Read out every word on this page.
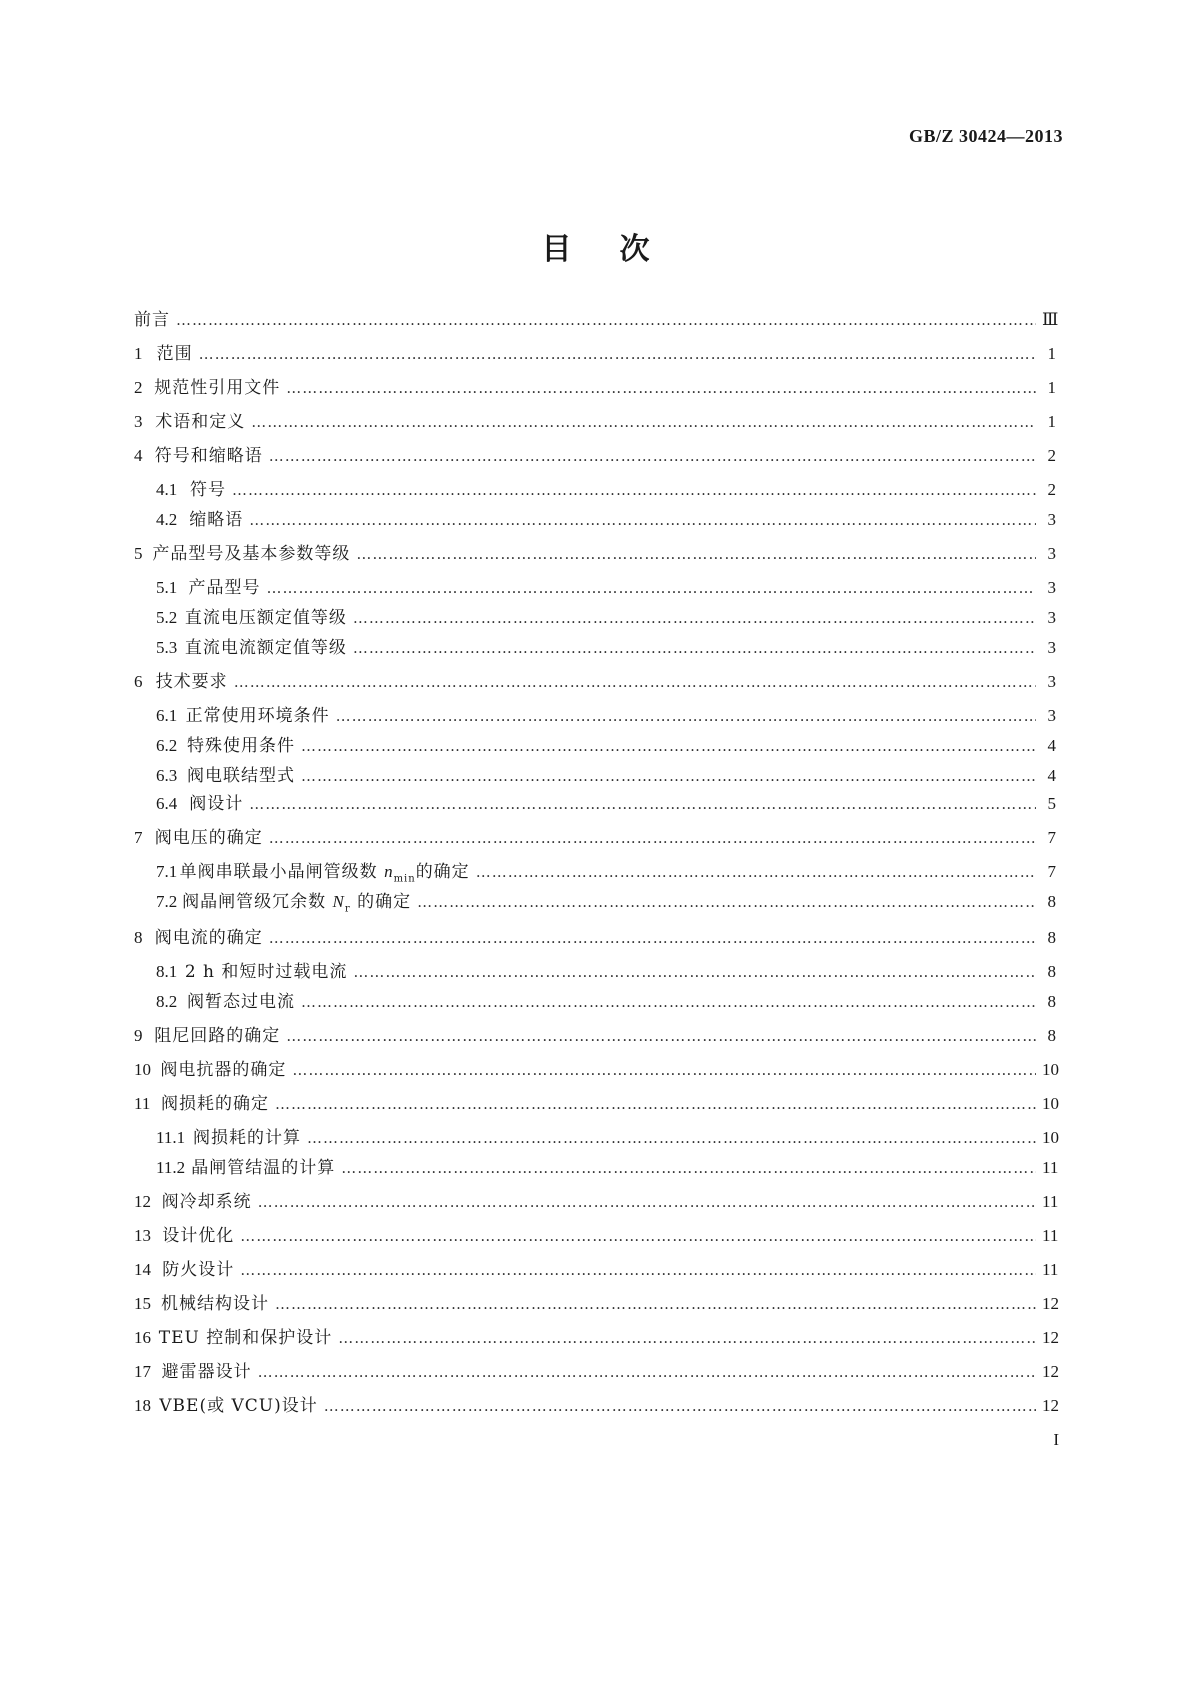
GB/Z 30424—2013
目次
前言 ……………………………………………………………………………………………………………………………………………………………………………………………………	Ⅲ
1 范围 ……………………………………………………………………………………………………………………………………………………………………………………………………	1
2 规范性引用文件 ……………………………………………………………………………………………………………………………………………………………………………………………………	1
3 术语和定义 ……………………………………………………………………………………………………………………………………………………………………………………………………	1
4 符号和缩略语 ……………………………………………………………………………………………………………………………………………………………………………………………………	2
4.1 符号 ……………………………………………………………………………………………………………………………………………………………………………………………………	2
4.2 缩略语 ……………………………………………………………………………………………………………………………………………………………………………………………………	3
5 产品型号及基本参数等级 ……………………………………………………………………………………………………………………………………………………………………………………………………	3
5.1 产品型号 ……………………………………………………………………………………………………………………………………………………………………………………………………	3
5.2 直流电压额定值等级 ……………………………………………………………………………………………………………………………………………………………………………………………………	3
5.3 直流电流额定值等级 ……………………………………………………………………………………………………………………………………………………………………………………………………	3
6 技术要求 ……………………………………………………………………………………………………………………………………………………………………………………………………	3
6.1 正常使用环境条件 ……………………………………………………………………………………………………………………………………………………………………………………………………	3
6.2 特殊使用条件 ……………………………………………………………………………………………………………………………………………………………………………………………………	4
6.3 阀电联结型式 ……………………………………………………………………………………………………………………………………………………………………………………………………	4
6.4 阀设计 ……………………………………………………………………………………………………………………………………………………………………………………………………	5
7 阀电压的确定 ……………………………………………………………………………………………………………………………………………………………………………………………………	7
7.1 单阀串联最小晶闸管级数 $n_{min}$的确定 ……………………………………………………………………………………………………………………………………………………………………………………………………	7
7.2 阀晶闸管级冗余数 $N_r$ 的确定 ……………………………………………………………………………………………………………………………………………………………………………………………………	8
8 阀电流的确定 ……………………………………………………………………………………………………………………………………………………………………………………………………	8
8.1 2 h 和短时过载电流 ……………………………………………………………………………………………………………………………………………………………………………………………………	8
8.2 阀暂态过电流 ……………………………………………………………………………………………………………………………………………………………………………………………………	8
9 阻尼回路的确定 ……………………………………………………………………………………………………………………………………………………………………………………………………	8
10 阀电抗器的确定 ……………………………………………………………………………………………………………………………………………………………………………………………………	10
11 阀损耗的确定 ……………………………………………………………………………………………………………………………………………………………………………………………………	10
11.1 阀损耗的计算 ……………………………………………………………………………………………………………………………………………………………………………………………………	10
11.2 晶闸管结温的计算 ……………………………………………………………………………………………………………………………………………………………………………………………………	11
12 阀冷却系统 ……………………………………………………………………………………………………………………………………………………………………………………………………	11
13 设计优化 ……………………………………………………………………………………………………………………………………………………………………………………………………	11
14 防火设计 ……………………………………………………………………………………………………………………………………………………………………………………………………	11
15 机械结构设计 ……………………………………………………………………………………………………………………………………………………………………………………………………	12
16 TEU 控制和保护设计 ……………………………………………………………………………………………………………………………………………………………………………………………………	12
17 避雷器设计 ……………………………………………………………………………………………………………………………………………………………………………………………………	12
18 VBE(或 VCU)设计 ……………………………………………………………………………………………………………………………………………………………………………………………………	12
I
